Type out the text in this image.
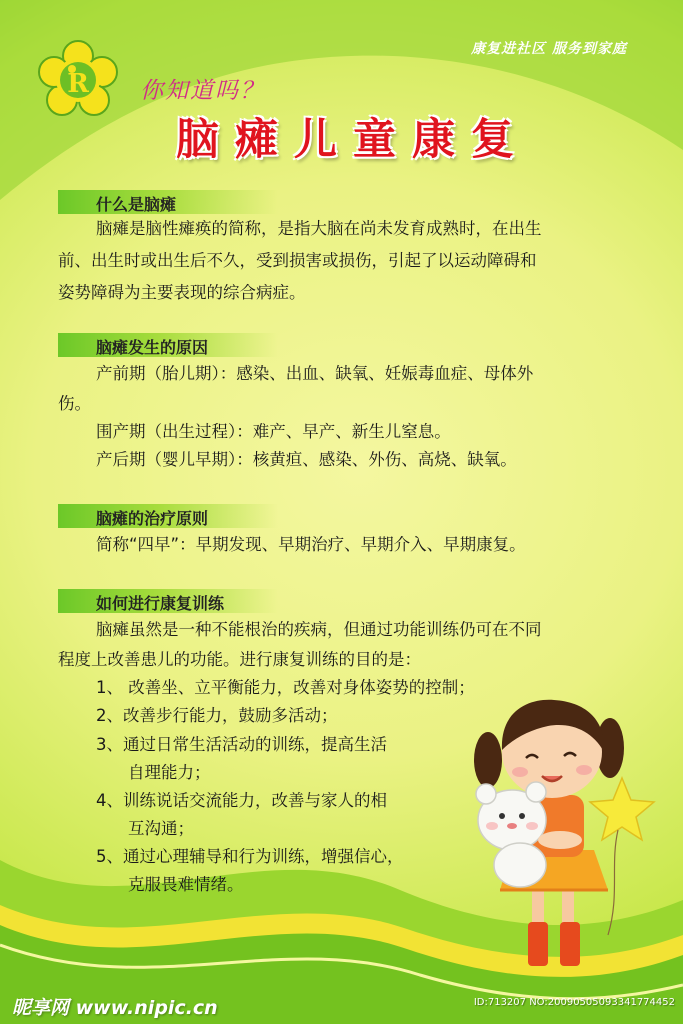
康复进社区 服务到家庭
R 你知道吗？
脑瘫儿童康复
什么是脑瘫
脑瘫是脑性瘫痪的简称，是指大脑在尚未发育成熟时，在出生
前、出生时或出生后不久，受到损害或损伤，引起了以运动障碍和
姿势障碍为主要表现的综合病症。
脑瘫发生的原因
产前期（胎儿期）：感染、出血、缺氧、妊娠毒血症、母体外
伤。
围产期（出生过程）：难产、早产、新生儿窒息。
产后期（婴儿早期）：核黄疸、感染、外伤、高烧、缺氧。
脑瘫的治疗原则
简称“四早”：早期发现、早期治疗、早期介入、早期康复。
如何进行康复训练
脑瘫虽然是一种不能根治的疾病，但通过功能训练仍可在不同
程度上改善患儿的功能。进行康复训练的目的是：
1、 改善坐、立平衡能力，改善对身体姿势的控制；
2、改善步行能力，鼓励多活动；
3、通过日常生活活动的训练，提高生活
自理能力；
4、训练说话交流能力，改善与家人的相
互沟通；
5、通过心理辅导和行为训练，增强信心，
克服畏难情绪。
昵享网 www.nipic.cn	ID:713207 NO:20090505093341774452
